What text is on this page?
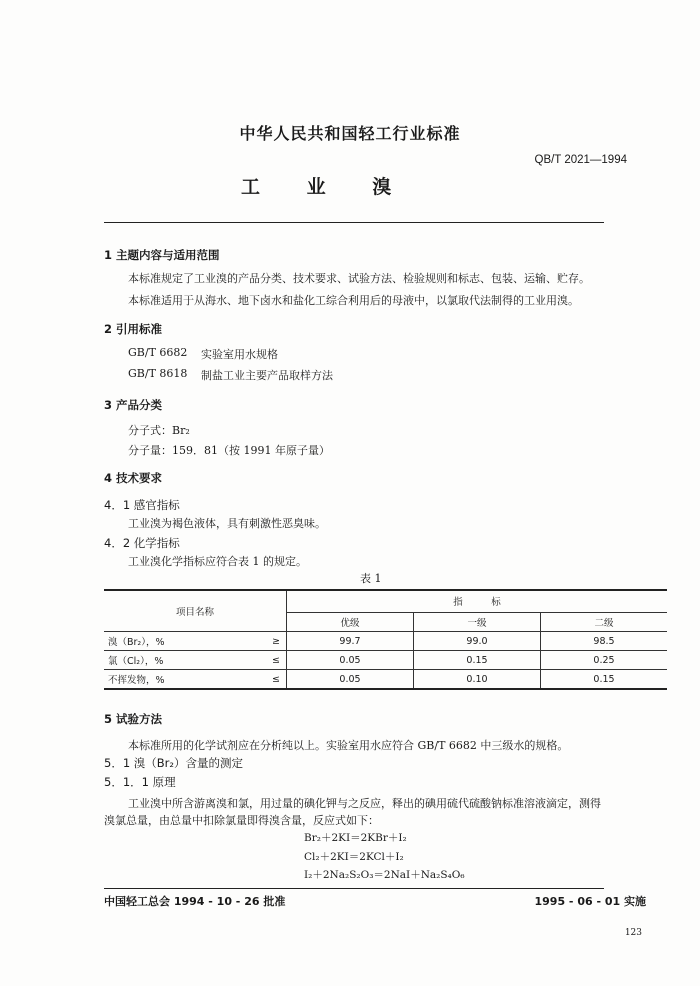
中华人民共和国轻工行业标准
QB/T 2021—1994
工 业 溴
1 主题内容与适用范围
本标准规定了工业溴的产品分类、技术要求、试验方法、检验规则和标志、包装、运输、贮存。
本标准适用于从海水、地下卤水和盐化工综合利用后的母液中，以氯取代法制得的工业用溴。
2 引用标准
GB/T 6682 实验室用水规格
GB/T 8618 制盐工业主要产品取样方法
3 产品分类
分子式：Br₂
分子量：159．81（按 1991 年原子量）
4 技术要求
4．1 感官指标
工业溴为褐色液体，具有刺激性恶臭味。
4．2 化学指标
工业溴化学指标应符合表 1 的规定。
表 1
项目名称		指　　　标		
		优级	一级	二级
溴（Br₂），%	≥	99.7	99.0	98.5
氯（Cl₂），%	≤	0.05	0.15	0.25
不挥发物，%	≤	0.05	0.10	0.15
5 试验方法
本标准所用的化学试剂应在分析纯以上。实验室用水应符合 GB/T 6682 中三级水的规格。
5．1 溴（Br₂）含量的测定
5．1．1 原理
工业溴中所含游离溴和氯，用过量的碘化钾与之反应，释出的碘用硫代硫酸钠标准溶液滴定，测得
溴氯总量，由总量中扣除氯量即得溴含量，反应式如下：
Br₂＋2KI＝2KBr＋I₂
Cl₂＋2KI＝2KCl＋I₂
I₂＋2Na₂S₂O₃＝2NaI＋Na₂S₄O₆
中国轻工总会 1994 - 10 - 26 批准	1995 - 06 - 01 实施
123
